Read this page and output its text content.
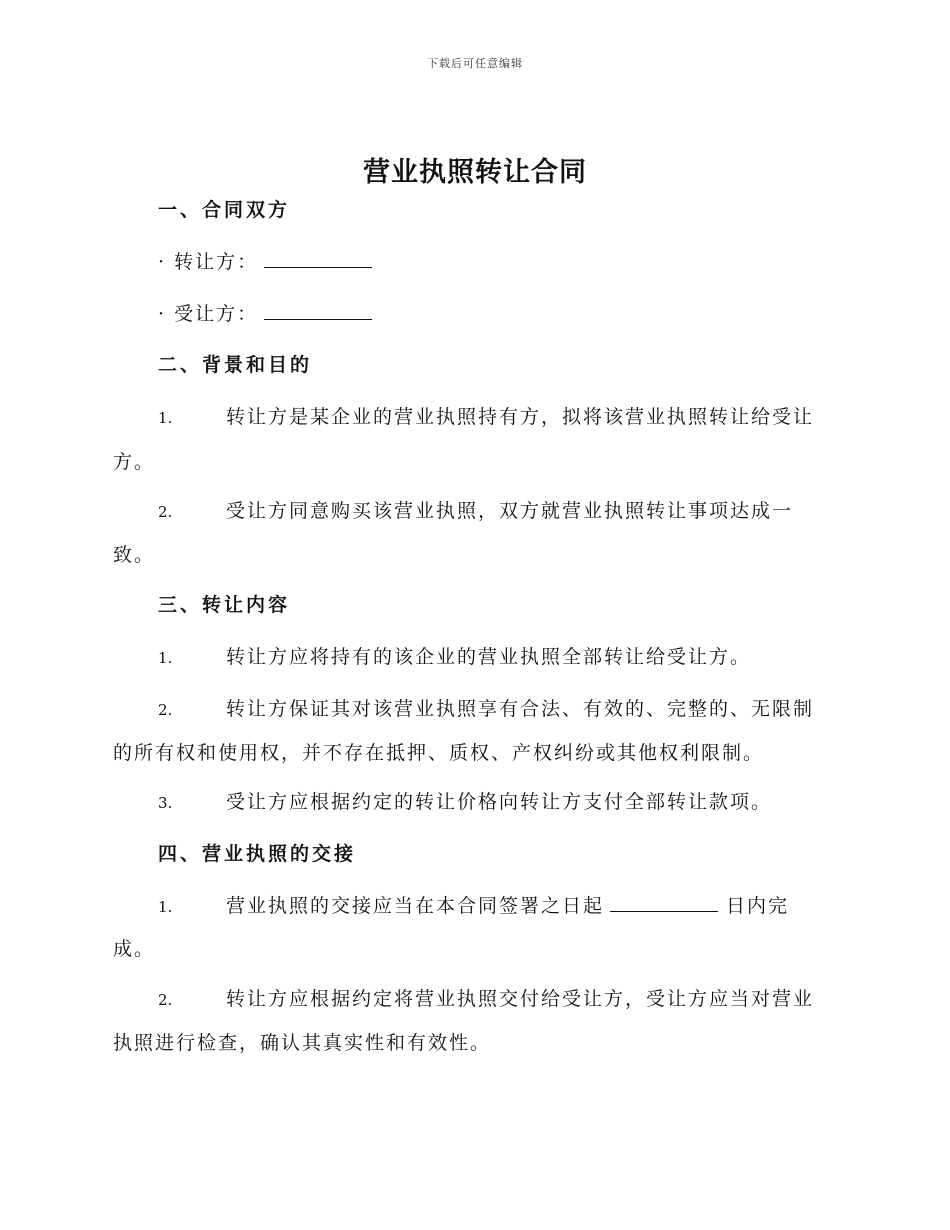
下载后可任意编辑
营业执照转让合同
一、合同双方
· 转让方：
· 受让方：
二、背景和目的
1.	转让方是某企业的营业执照持有方，拟将该营业执照转让给受让
方。
2.	受让方同意购买该营业执照，双方就营业执照转让事项达成一
致。
三、转让内容
1.	转让方应将持有的该企业的营业执照全部转让给受让方。
2.	转让方保证其对该营业执照享有合法、有效的、完整的、无限制
的所有权和使用权，并不存在抵押、质权、产权纠纷或其他权利限制。
3.	受让方应根据约定的转让价格向转让方支付全部转让款项。
四、营业执照的交接
1.	营业执照的交接应当在本合同签署之日起	日内完
成。
2.	转让方应根据约定将营业执照交付给受让方，受让方应当对营业
执照进行检查，确认其真实性和有效性。
